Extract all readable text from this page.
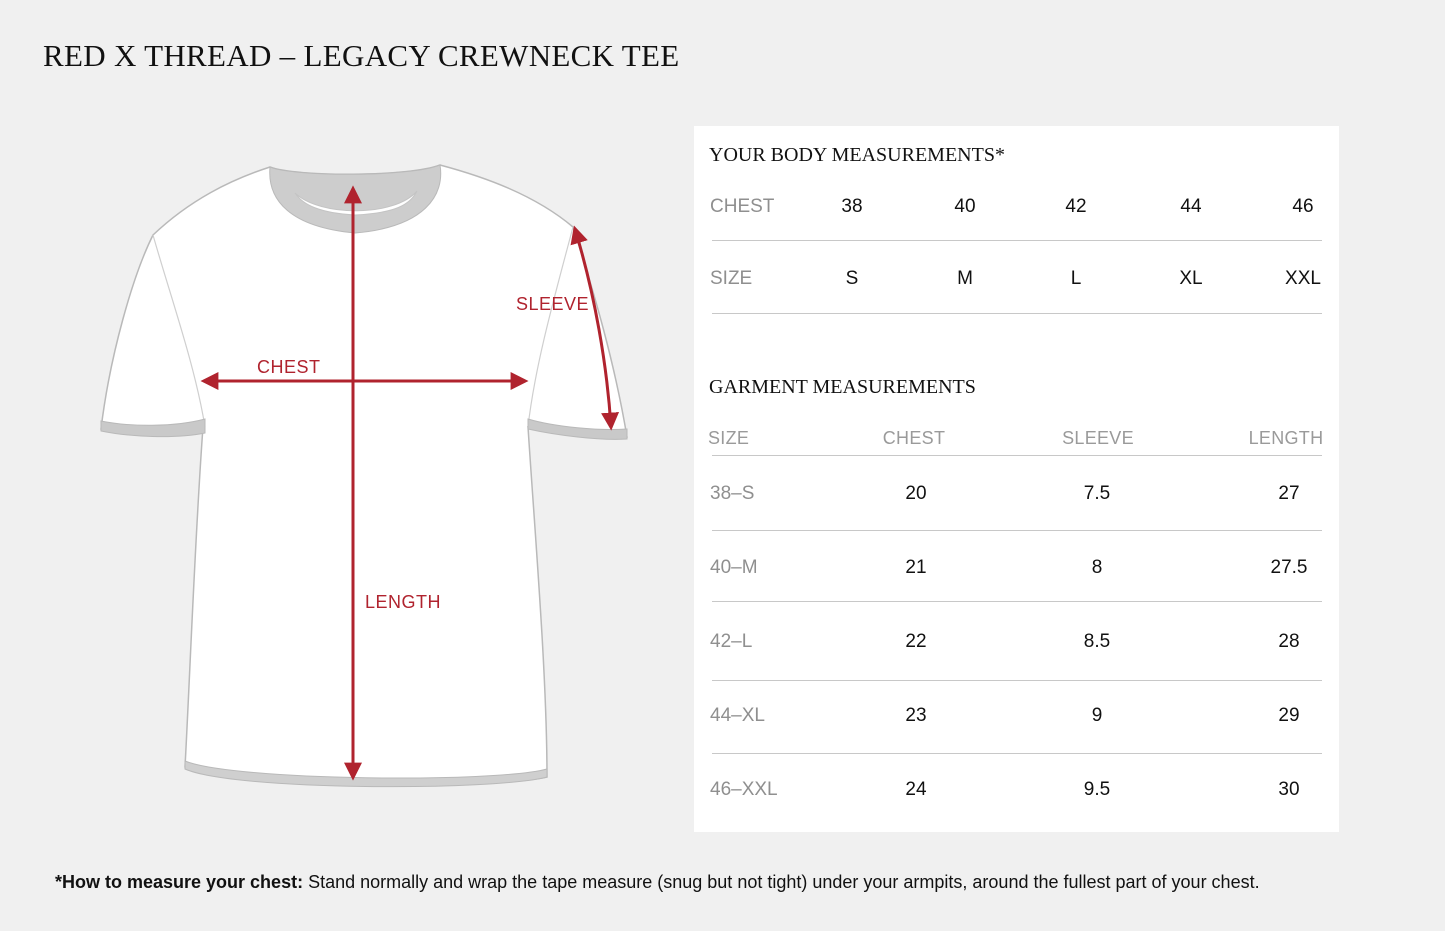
RED X THREAD – LEGACY CREWNECK TEE
CHEST
SLEEVE
LENGTH
YOUR BODY MEASUREMENTS*
CHEST	38	40	42	44	46
SIZE	S	M	L	XL	XXL
GARMENT MEASUREMENTS
SIZE	CHEST	SLEEVE	LENGTH
38–S	20	7.5	27
40–M	21	8	27.5
42–L	22	8.5	28
44–XL	23	9	29
46–XXL	24	9.5	30
*How to measure your chest: Stand normally and wrap the tape measure (snug but not tight) under your armpits, around the fullest part of your chest.
